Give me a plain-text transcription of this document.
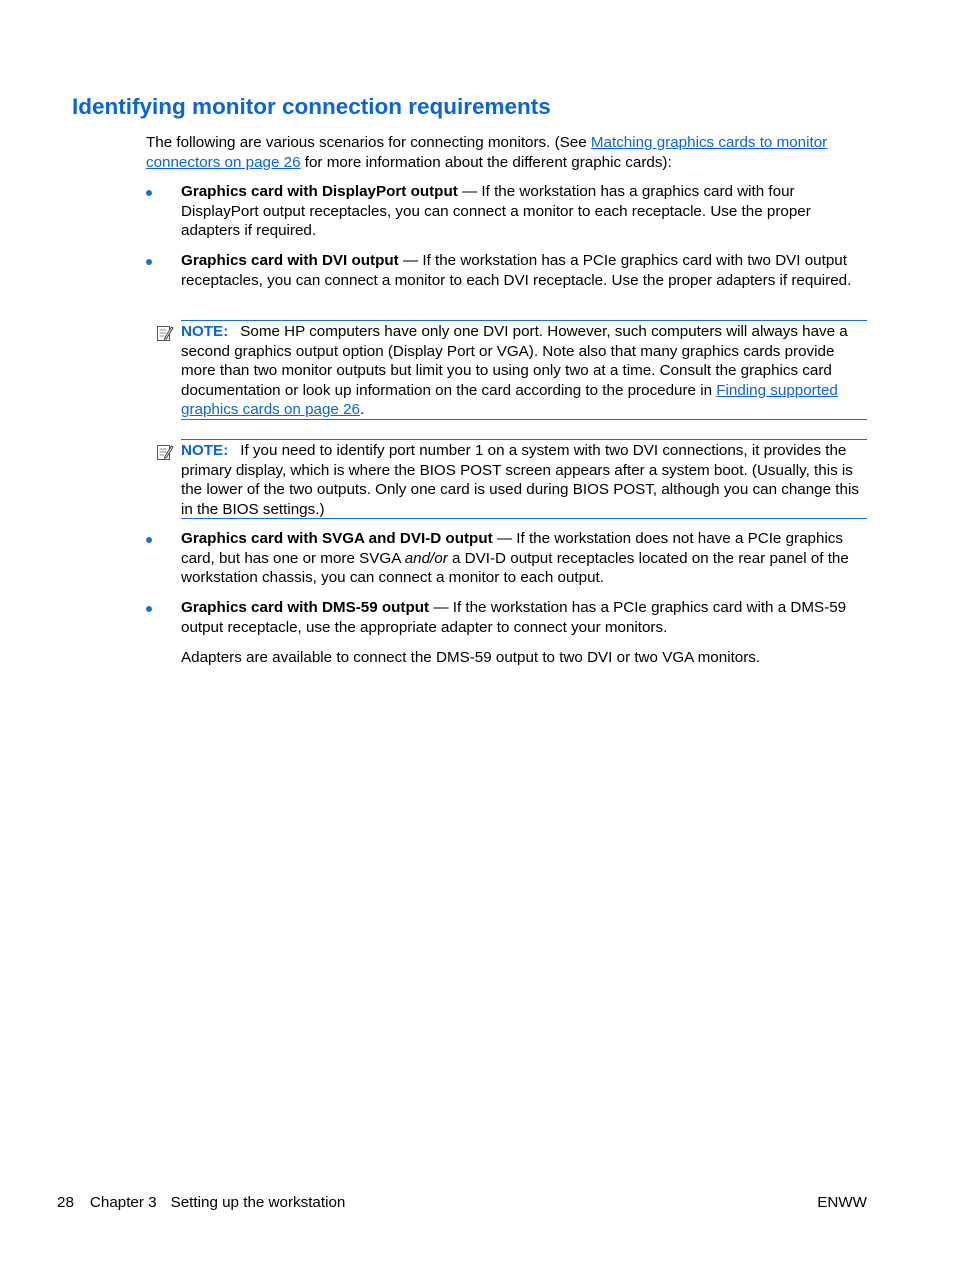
Identifying monitor connection requirements

The following are various scenarios for connecting monitors. (See Matching graphics cards to monitor connectors on page 26 for more information about the different graphic cards):

Graphics card with DisplayPort output — If the workstation has a graphics card with four DisplayPort output receptacles, you can connect a monitor to each receptacle. Use the proper adapters if required.
Graphics card with DVI output — If the workstation has a PCIe graphics card with two DVI output receptacles, you can connect a monitor to each DVI receptacle. Use the proper adapters if required.
NOTE: Some HP computers have only one DVI port. However, such computers will always have a second graphics output option (Display Port or VGA). Note also that many graphics cards provide more than two monitor outputs but limit you to using only two at a time. Consult the graphics card documentation or look up information on the card according to the procedure in Finding supported graphics cards on page 26.
NOTE: If you need to identify port number 1 on a system with two DVI connections, it provides the primary display, which is where the BIOS POST screen appears after a system boot. (Usually, this is the lower of the two outputs. Only one card is used during BIOS POST, although you can change this in the BIOS settings.)
Graphics card with SVGA and DVI-D output — If the workstation does not have a PCIe graphics card, but has one or more SVGA and/or a DVI-D output receptacles located on the rear panel of the workstation chassis, you can connect a monitor to each output.
Graphics card with DMS-59 output — If the workstation has a PCIe graphics card with a DMS-59 output receptacle, use the appropriate adapter to connect your monitors.

Adapters are available to connect the DMS-59 output to two DVI or two VGA monitors.

28 Chapter 3 Setting up the workstation	ENWW
